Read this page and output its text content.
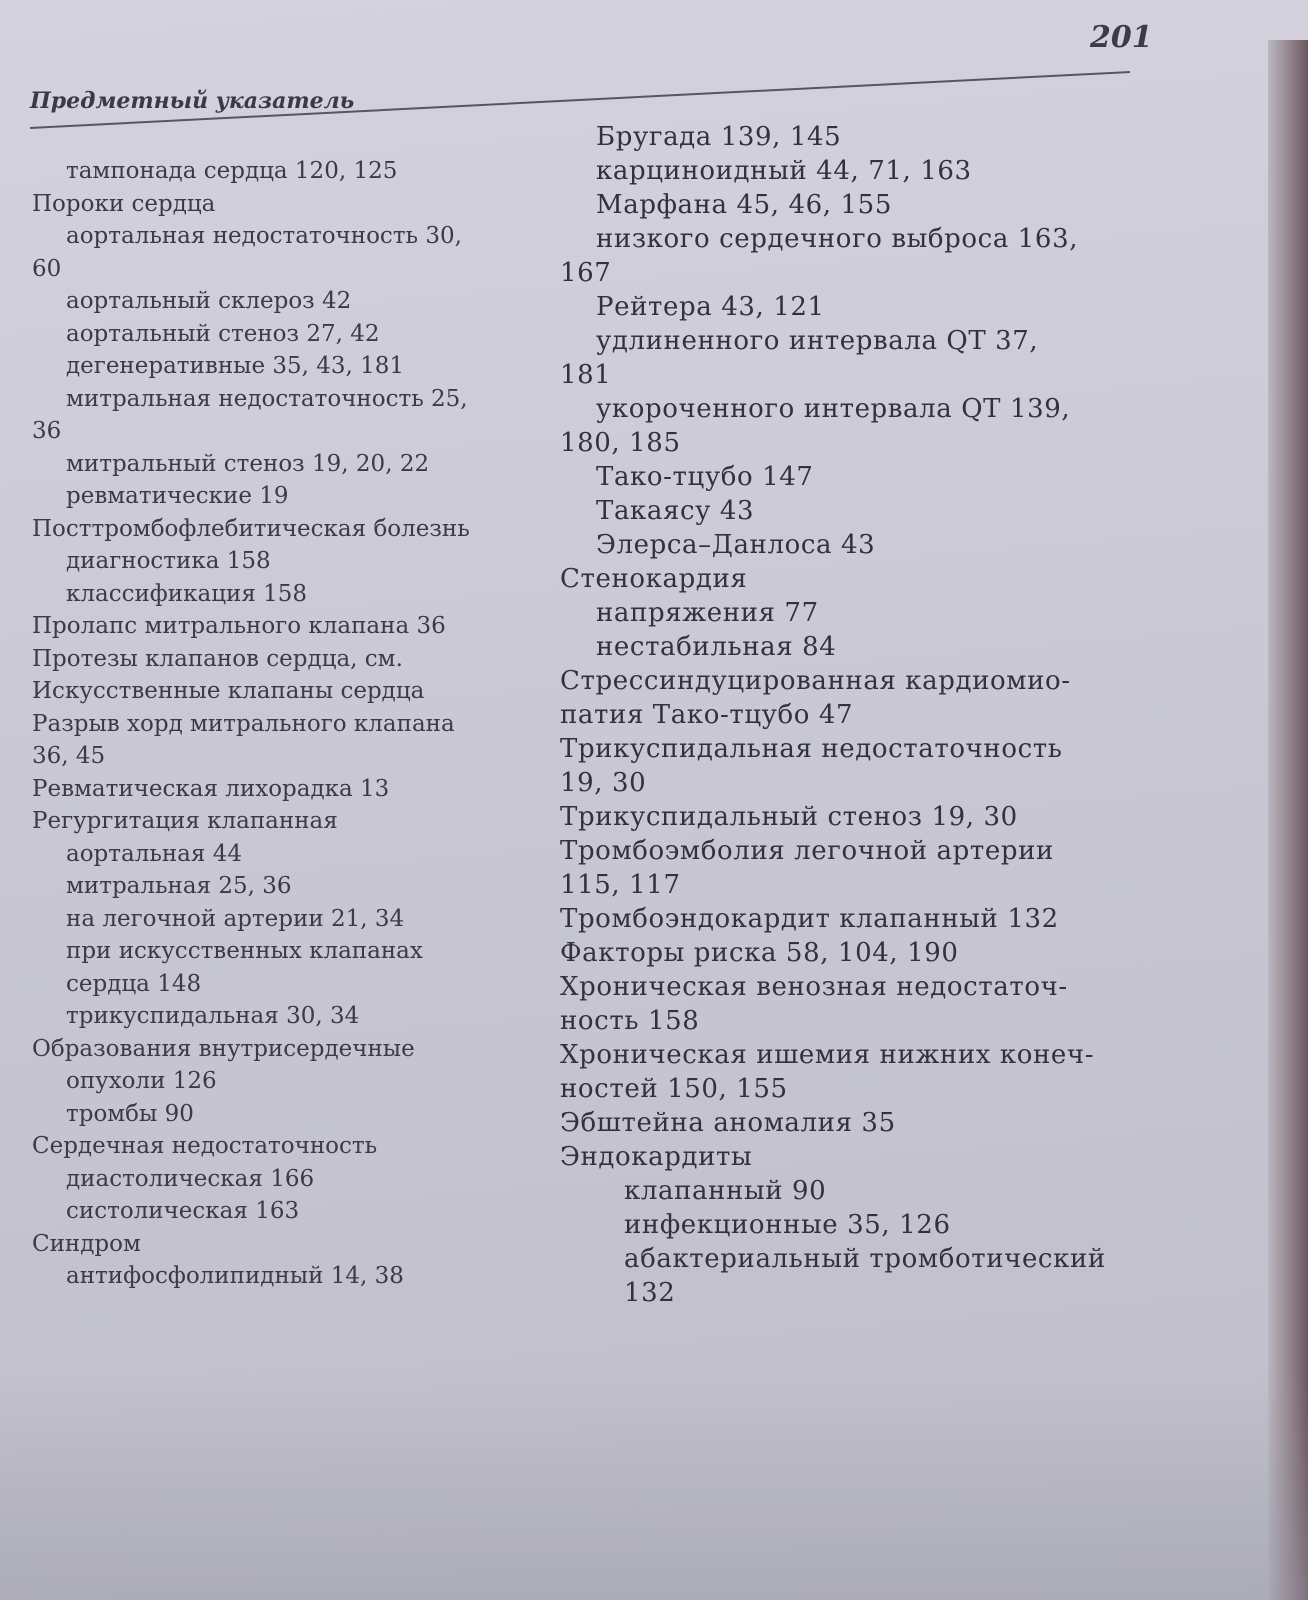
201
Предметный указатель
тампонада сердца 120, 125
Пороки сердца
аортальная недостаточность 30,
60
аортальный склероз 42
аортальный стеноз 27, 42
дегенеративные 35, 43, 181
митральная недостаточность 25,
36
митральный стеноз 19, 20, 22
ревматические 19
Посттромбофлебитическая болезнь
диагностика 158
классификация 158
Пролапс митрального клапана 36
Протезы клапанов сердца, см.
Искусственные клапаны сердца
Разрыв хорд митрального клапана
36, 45
Ревматическая лихорадка 13
Регургитация клапанная
аортальная 44
митральная 25, 36
на легочной артерии 21, 34
при искусственных клапанах
сердца 148
трикуспидальная 30, 34
Образования внутрисердечные
опухоли 126
тромбы 90
Сердечная недостаточность
диастолическая 166
систолическая 163
Синдром
антифосфолипидный 14, 38
Бругада 139, 145
карциноидный 44, 71, 163
Марфана 45, 46, 155
низкого сердечного выброса 163,
167
Рейтера 43, 121
удлиненного интервала QT 37,
181
укороченного интервала QT 139,
180, 185
Тако-тцубо 147
Такаясу 43
Элерса–Данлоса 43
Стенокардия
напряжения 77
нестабильная 84
Стрессиндуцированная кардиомио-
патия Тако-тцубо 47
Трикуспидальная недостаточность
19, 30
Трикуспидальный стеноз 19, 30
Тромбоэмболия легочной артерии
115, 117
Тромбоэндокардит клапанный 132
Факторы риска 58, 104, 190
Хроническая венозная недостаточ-
ность 158
Хроническая ишемия нижних конеч-
ностей 150, 155
Эбштейна аномалия 35
Эндокардиты
клапанный 90
инфекционные 35, 126
абактериальный тромботический
132
